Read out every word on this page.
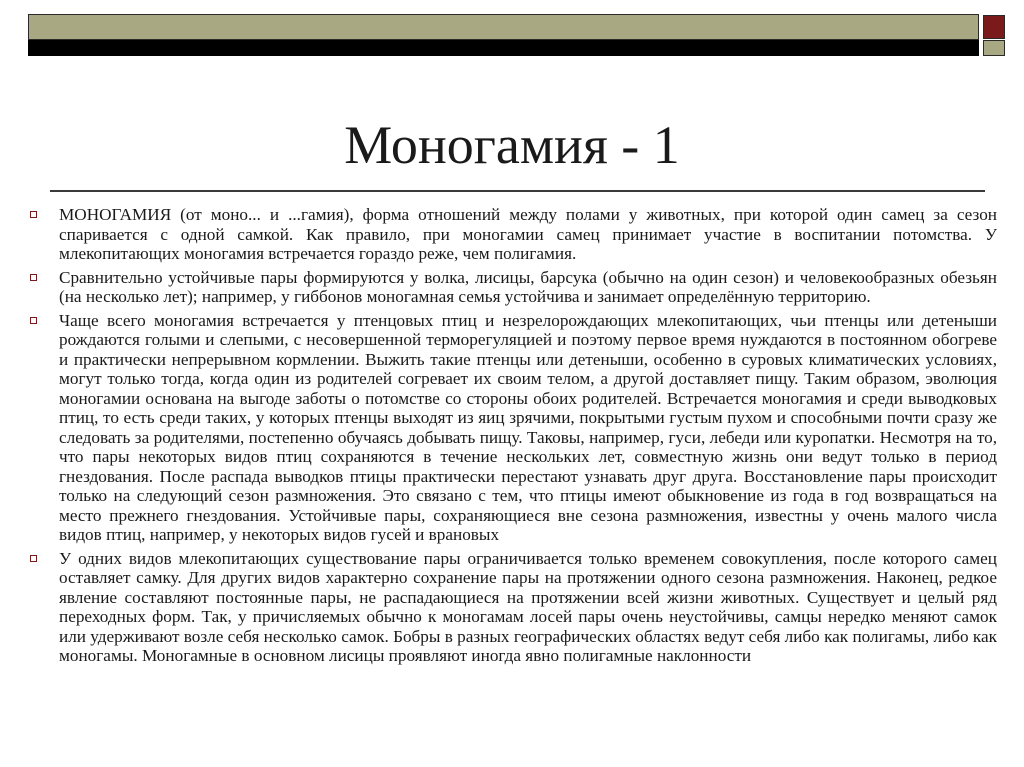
Моногамия - 1
МОНОГАМИЯ (от моно... и ...гамия), форма отношений между полами у животных, при которой один самец за сезон спаривается с одной самкой. Как правило, при моногамии самец принимает участие в воспитании потомства. У млекопитающих моногамия встречается гораздо реже, чем полигамия.
Сравнительно устойчивые пары формируются у волка, лисицы, барсука (обычно на один сезон) и человекообразных обезьян (на несколько лет); например, у гиббонов моногамная семья устойчива и занимает определённую территорию.
Чаще всего моногамия встречается у птенцовых птиц и незрелорождающих млекопитающих, чьи птенцы или детеныши рождаются голыми и слепыми, с несовершенной терморегуляцией и поэтому первое время нуждаются в постоянном обогреве и практически непрерывном кормлении. Выжить такие птенцы или детеныши, особенно в суровых климатических условиях, могут только тогда, когда один из родителей согревает их своим телом, а другой доставляет пищу. Таким образом, эволюция моногамии основана на выгоде заботы о потомстве со стороны обоих родителей. Встречается моногамия и среди выводковых птиц, то есть среди таких, у которых птенцы выходят из яиц зрячими, покрытыми густым пухом и способными почти сразу же следовать за родителями, постепенно обучаясь добывать пищу. Таковы, например, гуси, лебеди или куропатки. Несмотря на то, что пары некоторых видов птиц сохраняются в течение нескольких лет, совместную жизнь они ведут только в период гнездования. После распада выводков птицы практически перестают узнавать друг друга. Восстановление пары происходит только на следующий сезон размножения. Это связано с тем, что птицы имеют обыкновение из года в год возвращаться на место прежнего гнездования. Устойчивые пары, сохраняющиеся вне сезона размножения, известны у очень малого числа видов птиц, например, у некоторых видов гусей и врановых
У одних видов млекопитающих существование пары ограничивается только временем совокупления, после которого самец оставляет самку. Для других видов характерно сохранение пары на протяжении одного сезона размножения. Наконец, редкое явление составляют постоянные пары, не распадающиеся на протяжении всей жизни животных. Существует и целый ряд переходных форм. Так, у причисляемых обычно к моногамам лосей пары очень неустойчивы, самцы нередко меняют самок или удерживают возле себя несколько самок. Бобры в разных географических областях ведут себя либо как полигамы, либо как моногамы. Моногамные в основном лисицы проявляют иногда явно полигамные наклонности
